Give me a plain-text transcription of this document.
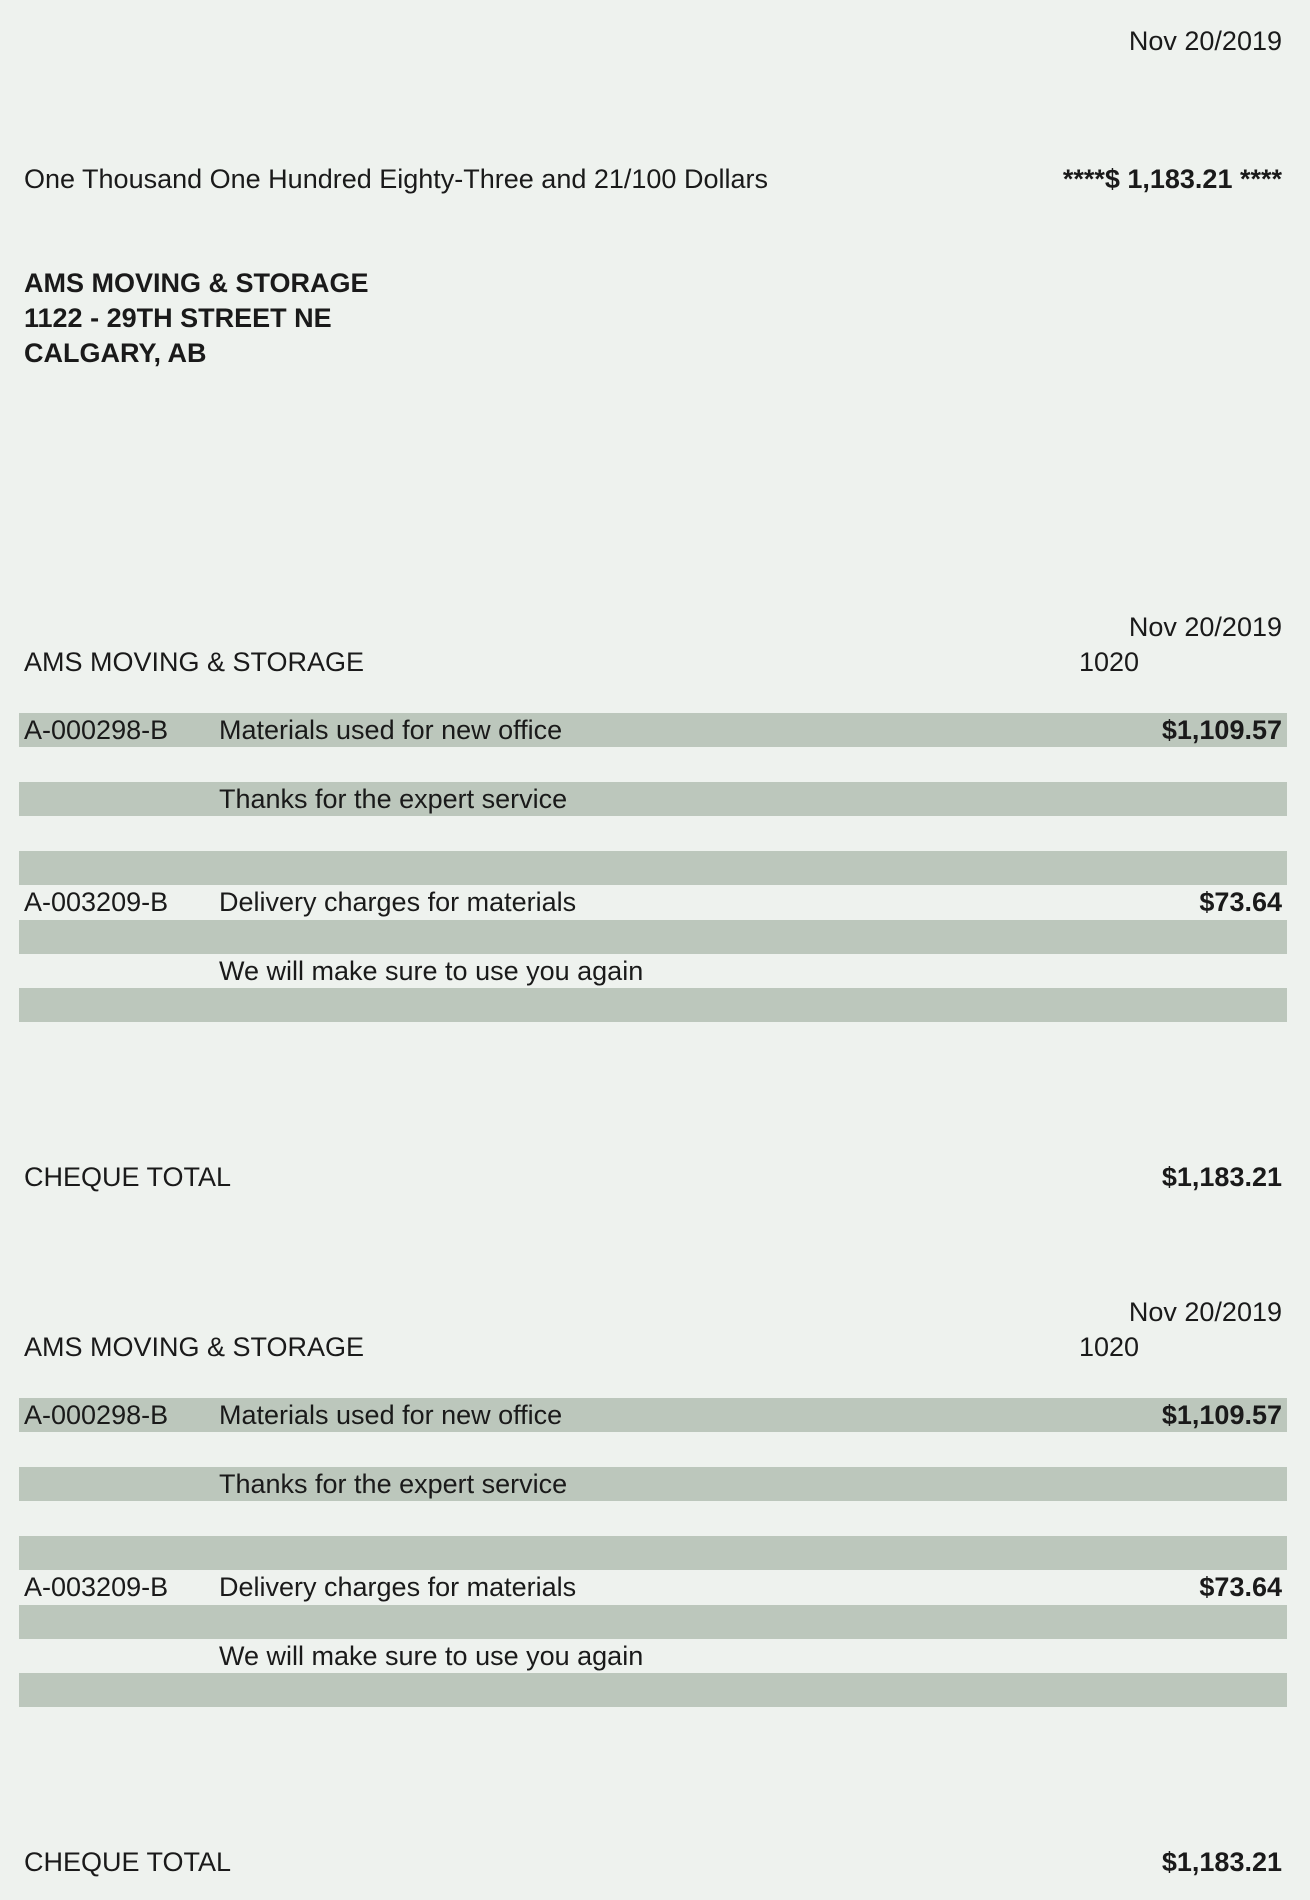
Nov 20/2019
One Thousand One Hundred Eighty-Three and 21/100 Dollars	****$ 1,183.21 ****
AMS MOVING & STORAGE
1122 - 29TH STREET NE
CALGARY, AB
Nov 20/2019
AMS MOVING & STORAGE	1020
A-000298-B Materials used for new office	$1,109.57
Thanks for the expert service
A-003209-B Delivery charges for materials	$73.64
We will make sure to use you again
CHEQUE TOTAL	$1,183.21
Nov 20/2019
AMS MOVING & STORAGE	1020
A-000298-B Materials used for new office	$1,109.57
Thanks for the expert service
A-003209-B Delivery charges for materials	$73.64
We will make sure to use you again
CHEQUE TOTAL	$1,183.21
